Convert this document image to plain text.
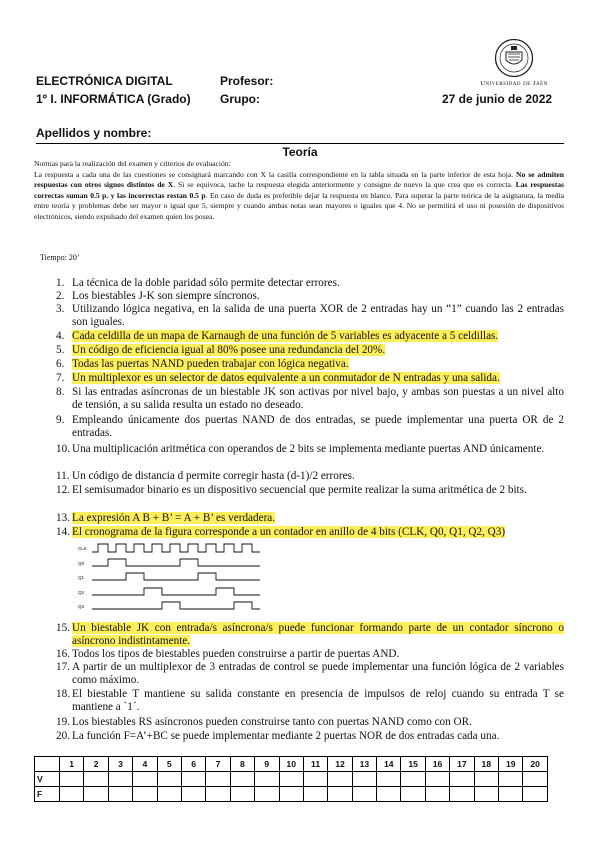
ELECTRÓNICA DIGITAL
1º I. INFORMÁTICA (Grado)
Profesor:
Grupo:
Universidad de Jaén
27 de junio de 2022
Apellidos y nombre:
Teoría
Normas para la realización del examen y criterios de evaluación:
La respuesta a cada una de las cuestiones se consignará marcando con X la casilla correspondiente en la tabla situada en la parte inferior de esta hoja. No se admiten respuestas con otros signos distintos de X. Si se equivoca, tache la respuesta elegida anteriormente y consigne de nuevo la que crea que es correcta. Las respuestas correctas suman 0.5 p. y las incorrectas restan 0.5 p. En caso de duda es preferible dejar la respuesta en blanco. Para superar la parte teórica de la asignatura, la media entre teoría y problemas debe ser mayor o igual que 5, siempre y cuando ambas notas sean mayores o iguales que 4. No se permitirá el uso ni posesión de dispositivos electrónicos, siendo expulsado del examen quien los posea.
Tiempo: 20’
1. La técnica de la doble paridad sólo permite detectar errores.
2. Los biestables J-K son siempre síncronos.
3. Utilizando lógica negativa, en la salida de una puerta XOR de 2 entradas hay un “1” cuando las 2 entradas son iguales.
4. Cada celdilla de un mapa de Karnaugh de una función de 5 variables es adyacente a 5 celdillas.
5. Un código de eficiencia igual al 80% posee una redundancia del 20%.
6. Todas las puertas NAND pueden trabajar con lógica negativa.
7. Un multiplexor es un selector de datos equivalente a un conmutador de N entradas y una salida.
8. Si las entradas asíncronas de un biestable JK son activas por nivel bajo, y ambas son puestas a un nivel alto de tensión, a su salida resulta un estado no deseado.
9. Empleando únicamente dos puertas NAND de dos entradas, se puede implementar una puerta OR de 2 entradas.
10. Una multiplicación aritmética con operandos de 2 bits se implementa mediante puertas AND únicamente.
11. Un código de distancia d permite corregir hasta (d-1)/2 errores.
12. El semisumador binario es un dispositivo secuencial que permite realizar la suma aritmética de 2 bits.
13. La expresión A B + B’ = A + B’ es verdadera.
14. El cronograma de la figura corresponde a un contador en anillo de 4 bits (CLK, Q0, Q1, Q2, Q3)
CLK
Q0
Q1
Q2
Q3
15. Un biestable JK con entrada/s asíncrona/s puede funcionar formando parte de un contador síncrono o asíncrono indistintamente.
16. Todos los tipos de biestables pueden construirse a partir de puertas AND.
17. A partir de un multiplexor de 3 entradas de control se puede implementar una función lógica de 2 variables como máximo.
18. El biestable T mantiene su salida constante en presencia de impulsos de reloj cuando su entrada T se mantiene a `1´.
19. Los biestables RS asíncronos pueden construirse tanto con puertas NAND como con OR.
20. La función F=A’+BC se puede implementar mediante 2 puertas NOR de dos entradas cada una.
	1	2	3	4	5	6	7	8	9	10	11	12	13	14	15	16	17	18	19	20
V																				
F																				
